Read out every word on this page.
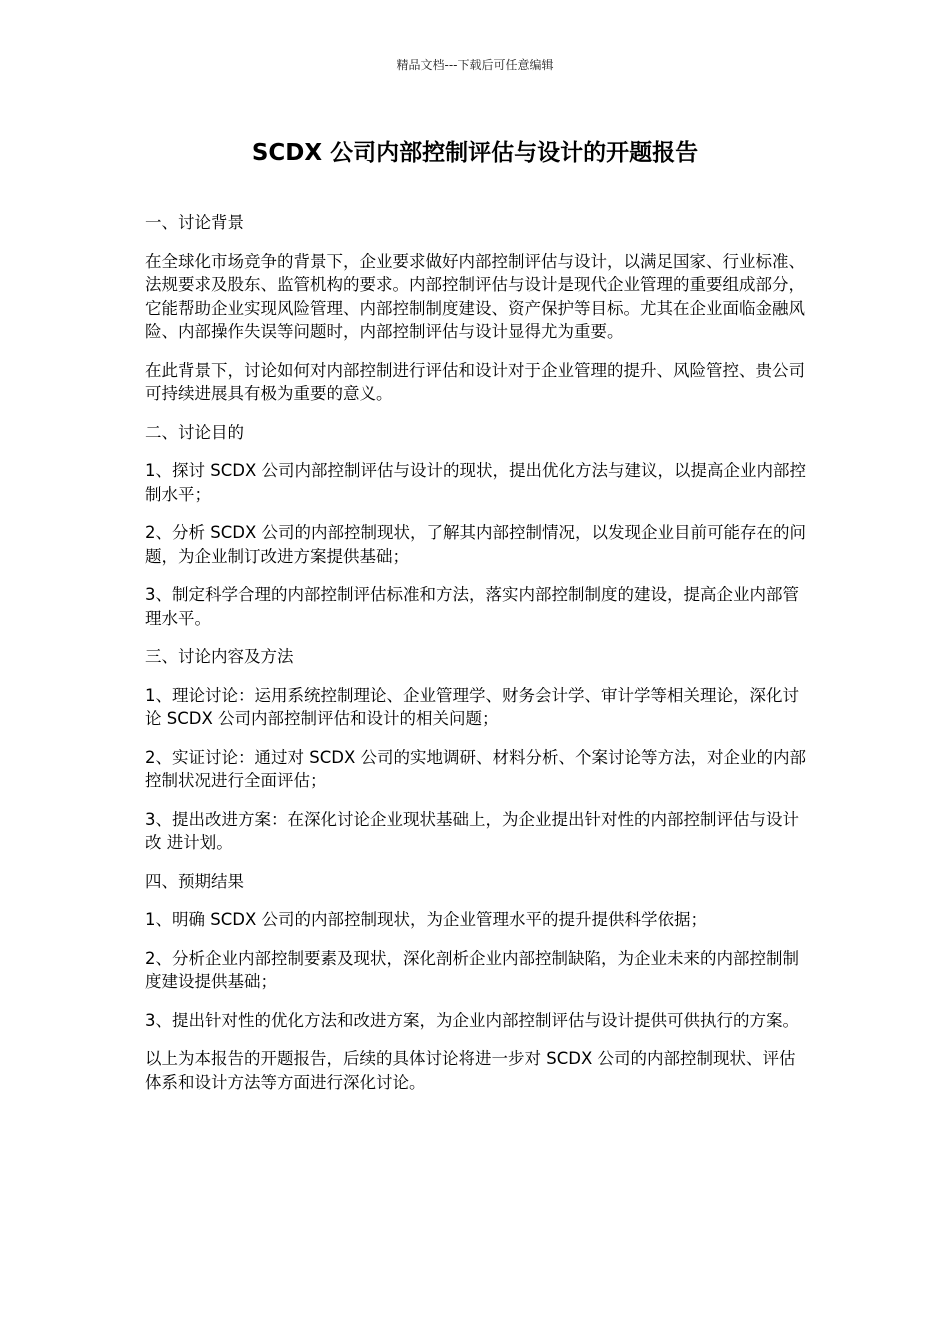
精品文档---下载后可任意编辑
SCDX 公司内部控制评估与设计的开题报告

一、讨论背景

在全球化市场竞争的背景下，企业要求做好内部控制评估与设计，以满足国家、行业标准、法规要求及股东、监管机构的要求。内部控制评估与设计是现代企业管理的重要组成部分，它能帮助企业实现风险管理、内部控制制度建设、资产保护等目标。尤其在企业面临金融风险、内部操作失误等问题时，内部控制评估与设计显得尤为重要。

在此背景下，讨论如何对内部控制进行评估和设计对于企业管理的提升、风险管控、贵公司可持续进展具有极为重要的意义。

二、讨论目的

1、探讨 SCDX 公司内部控制评估与设计的现状，提出优化方法与建议，以提高企业内部控制水平；

2、分析 SCDX 公司的内部控制现状，了解其内部控制情况，以发现企业目前可能存在的问题，为企业制订改进方案提供基础；

3、制定科学合理的内部控制评估标准和方法，落实内部控制制度的建设，提高企业内部管理水平。

三、讨论内容及方法

1、理论讨论：运用系统控制理论、企业管理学、财务会计学、审计学等相关理论，深化讨论 SCDX 公司内部控制评估和设计的相关问题；

2、实证讨论：通过对 SCDX 公司的实地调研、材料分析、个案讨论等方法，对企业的内部控制状况进行全面评估；

3、提出改进方案：在深化讨论企业现状基础上，为企业提出针对性的内部控制评估与设计改 进计划。

四、预期结果

1、明确 SCDX 公司的内部控制现状，为企业管理水平的提升提供科学依据；

2、分析企业内部控制要素及现状，深化剖析企业内部控制缺陷，为企业未来的内部控制制度建设提供基础；

3、提出针对性的优化方法和改进方案，为企业内部控制评估与设计提供可供执行的方案。

以上为本报告的开题报告，后续的具体讨论将进一步对 SCDX 公司的内部控制现状、评估体系和设计方法等方面进行深化讨论。
